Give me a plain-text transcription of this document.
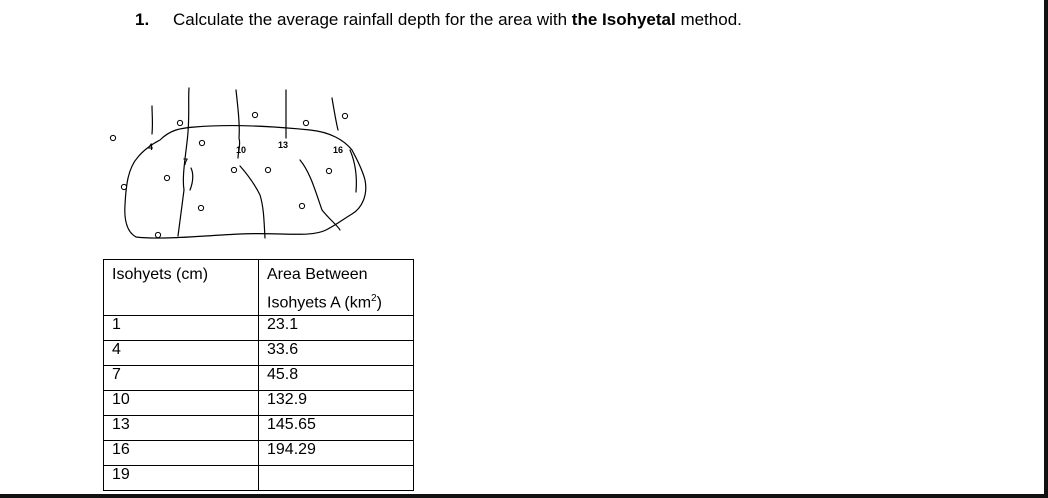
1. Calculate the average rainfall depth for the area with the Isohyetal method.
4
7
10	13	16
Isohyets (cm)	Area Between
Isohyets A $(km^2)$
1	23.1
4	33.6
7	45.8
10	132.9
13	145.65
16	194.29
19	
